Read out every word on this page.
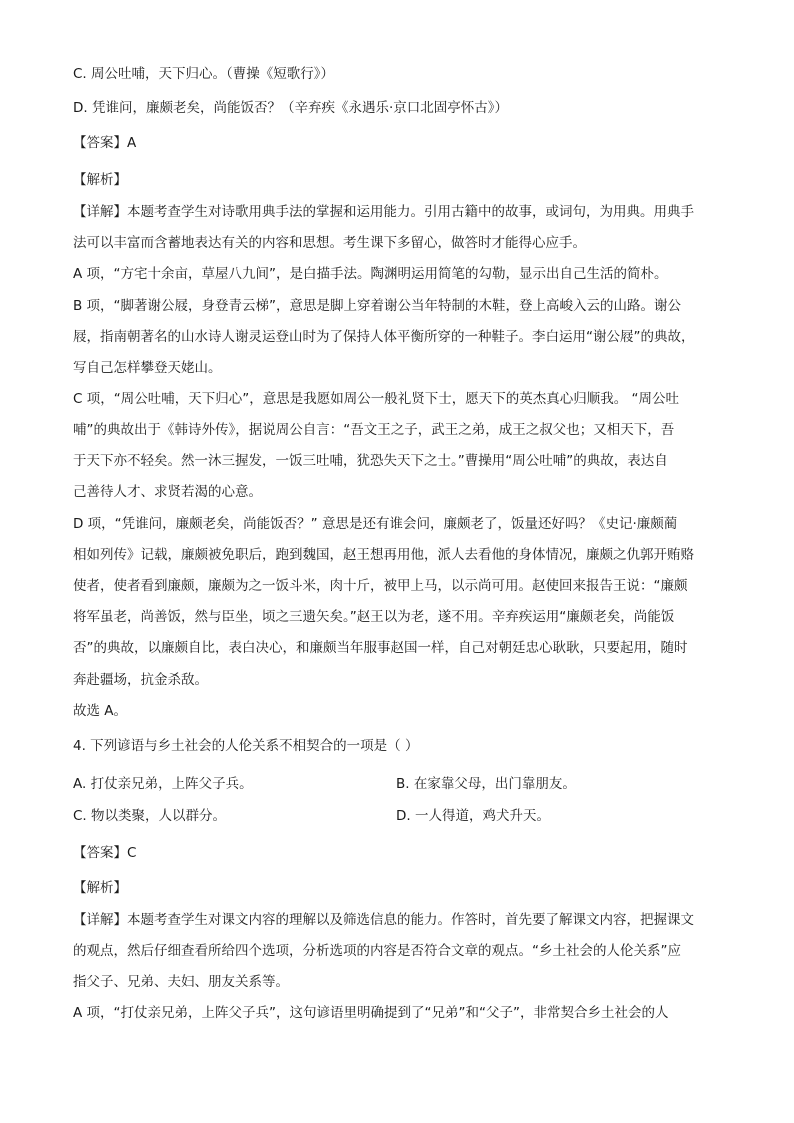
C. 周公吐哺，天下归心。（曹操《短歌行》）
D. 凭谁问，廉颇老矣，尚能饭否？（辛弃疾《永遇乐·京口北固亭怀古》）
【答案】A
【解析】
【详解】本题考查学生对诗歌用典手法的掌握和运用能力。引用古籍中的故事，或词句，为用典。用典手
法可以丰富而含蓄地表达有关的内容和思想。考生课下多留心，做答时才能得心应手。
A 项，“方宅十余亩，草屋八九间”，是白描手法。陶渊明运用简笔的勾勒，显示出自己生活的简朴。
B 项，“脚著谢公屐，身登青云梯”，意思是脚上穿着谢公当年特制的木鞋，登上高峻入云的山路。谢公
屐，指南朝著名的山水诗人谢灵运登山时为了保持人体平衡所穿的一种鞋子。李白运用“谢公屐”的典故，
写自己怎样攀登天姥山。
C 项，“周公吐哺，天下归心”，意思是我愿如周公一般礼贤下士，愿天下的英杰真心归顺我。 “周公吐
哺”的典故出于《韩诗外传》，据说周公自言：“吾文王之子，武王之弟，成王之叔父也；又相天下，吾
于天下亦不轻矣。然一沐三握发，一饭三吐哺，犹恐失天下之士。”曹操用“周公吐哺”的典故，表达自
己善待人才、求贤若渴的心意。
D 项，“凭谁问，廉颇老矣，尚能饭否？” 意思是还有谁会问，廉颇老了，饭量还好吗？《史记·廉颇蔺
相如列传》记载，廉颇被免职后，跑到魏国，赵王想再用他，派人去看他的身体情况，廉颇之仇郭开贿赂
使者，使者看到廉颇，廉颇为之一饭斗米，肉十斤，被甲上马，以示尚可用。赵使回来报告王说：“廉颇
将军虽老，尚善饭，然与臣坐，顷之三遗矢矣。”赵王以为老，遂不用。辛弃疾运用“廉颇老矣，尚能饭
否”的典故，以廉颇自比，表白决心，和廉颇当年服事赵国一样，自己对朝廷忠心耿耿，只要起用，随时
奔赴疆场，抗金杀敌。
故选 A。
4. 下列谚语与乡土社会的人伦关系不相契合的一项是（ ）
A. 打仗亲兄弟，上阵父子兵。	B. 在家靠父母，出门靠朋友。
C. 物以类聚，人以群分。	D. 一人得道，鸡犬升天。
【答案】C
【解析】
【详解】本题考查学生对课文内容的理解以及筛选信息的能力。作答时，首先要了解课文内容，把握课文
的观点，然后仔细查看所给四个选项，分析选项的内容是否符合文章的观点。“乡土社会的人伦关系”应
指父子、兄弟、夫妇、朋友关系等。
A 项，“打仗亲兄弟，上阵父子兵”，这句谚语里明确提到了“兄弟”和“父子”，非常契合乡土社会的人
